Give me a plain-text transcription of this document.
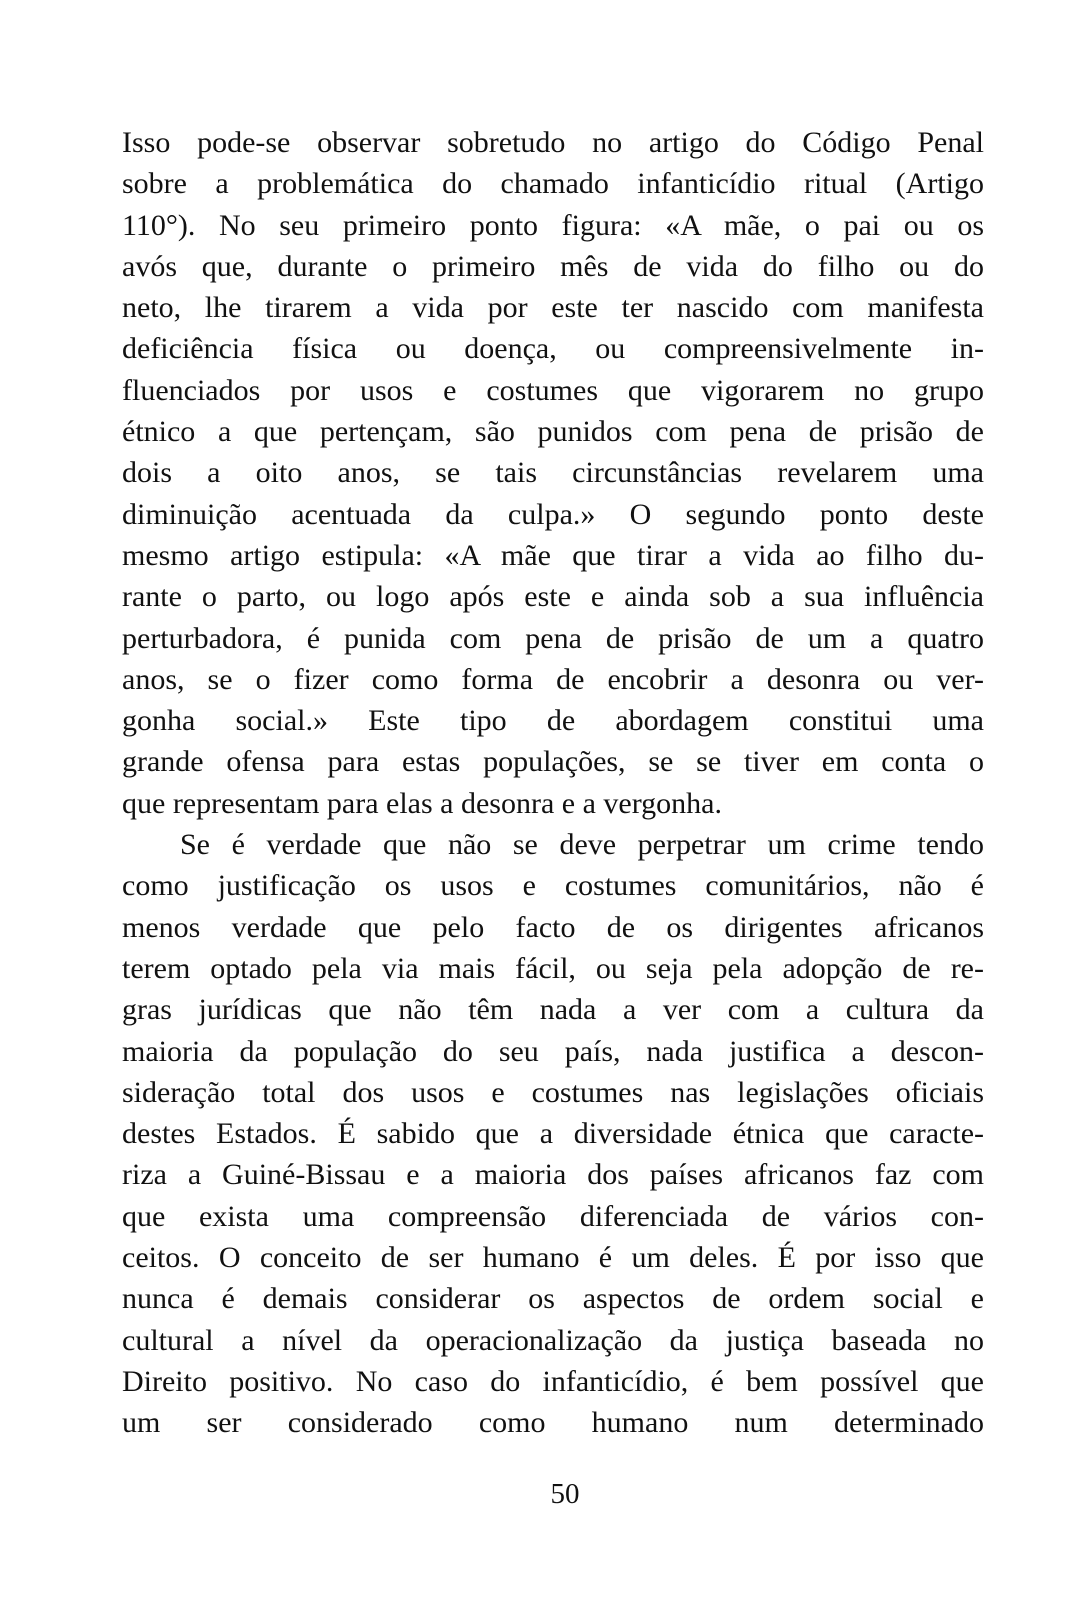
Isso pode-se observar sobretudo no artigo do Código Penal
sobre a problemática do chamado infanticídio ritual (Artigo
110°). No seu primeiro ponto figura: «A mãe, o pai ou os
avós que, durante o primeiro mês de vida do filho ou do
neto, lhe tirarem a vida por este ter nascido com manifesta
deficiência física ou doença, ou compreensivelmente in-
fluenciados por usos e costumes que vigorarem no grupo
étnico a que pertençam, são punidos com pena de prisão de
dois a oito anos, se tais circunstâncias revelarem uma
diminuição acentuada da culpa.» O segundo ponto deste
mesmo artigo estipula: «A mãe que tirar a vida ao filho du-
rante o parto, ou logo após este e ainda sob a sua influência
perturbadora, é punida com pena de prisão de um a quatro
anos, se o fizer como forma de encobrir a desonra ou ver-
gonha social.» Este tipo de abordagem constitui uma
grande ofensa para estas populações, se se tiver em conta o
que representam para elas a desonra e a vergonha.
Se é verdade que não se deve perpetrar um crime tendo
como justificação os usos e costumes comunitários, não é
menos verdade que pelo facto de os dirigentes africanos
terem optado pela via mais fácil, ou seja pela adopção de re-
gras jurídicas que não têm nada a ver com a cultura da
maioria da população do seu país, nada justifica a descon-
sideração total dos usos e costumes nas legislações oficiais
destes Estados. É sabido que a diversidade étnica que caracte-
riza a Guiné-Bissau e a maioria dos países africanos faz com
que exista uma compreensão diferenciada de vários con-
ceitos. O conceito de ser humano é um deles. É por isso que
nunca é demais considerar os aspectos de ordem social e
cultural a nível da operacionalização da justiça baseada no
Direito positivo. No caso do infanticídio, é bem possível que
um ser considerado como humano num determinado
50
